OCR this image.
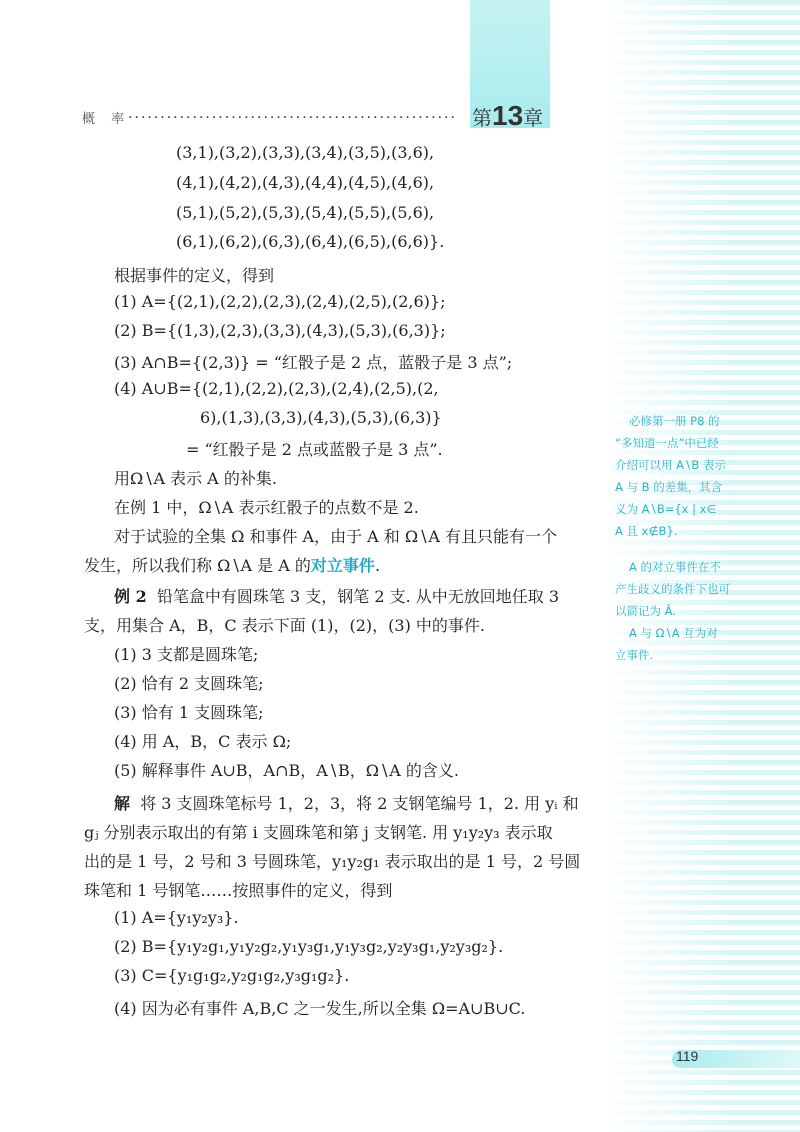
概 率
................................................... 第13章
(3,1),(3,2),(3,3),(3,4),(3,5),(3,6),
(4,1),(4,2),(4,3),(4,4),(4,5),(4,6),
(5,1),(5,2),(5,3),(5,4),(5,5),(5,6),
(6,1),(6,2),(6,3),(6,4),(6,5),(6,6)}.
根据事件的定义，得到
(1) A={(2,1),(2,2),(2,3),(2,4),(2,5),(2,6)};
(2) B={(1,3),(2,3),(3,3),(4,3),(5,3),(6,3)};
(3) A∩B={(2,3)} = “红骰子是 2 点，蓝骰子是 3 点”;
(4) A∪B={(2,1),(2,2),(2,3),(2,4),(2,5),(2,
6),(1,3),(3,3),(4,3),(5,3),(6,3)}
= “红骰子是 2 点或蓝骰子是 3 点”.
用Ω∖A 表示 A 的补集.
在例 1 中，Ω∖A 表示红骰子的点数不是 2.
对于试验的全集 Ω 和事件 A，由于 A 和 Ω∖A 有且只能有一个
发生，所以我们称 Ω∖A 是 A 的对立事件.
例 2 铅笔盒中有圆珠笔 3 支，钢笔 2 支. 从中无放回地任取 3
支，用集合 A，B，C 表示下面 (1)，(2)，(3) 中的事件.
(1) 3 支都是圆珠笔;
(2) 恰有 2 支圆珠笔;
(3) 恰有 1 支圆珠笔;
(4) 用 A，B，C 表示 Ω;
(5) 解释事件 A∪B，A∩B，A∖B，Ω∖A 的含义.
解 将 3 支圆珠笔标号 1，2，3，将 2 支钢笔编号 1，2. 用 yᵢ 和
gⱼ 分别表示取出的有第 i 支圆珠笔和第 j 支钢笔. 用 y₁y₂y₃ 表示取
出的是 1 号，2 号和 3 号圆珠笔，y₁y₂g₁ 表示取出的是 1 号，2 号圆
珠笔和 1 号钢笔……按照事件的定义，得到
(1) A={y₁y₂y₃}.
(2) B={y₁y₂g₁,y₁y₂g₂,y₁y₃g₁,y₁y₃g₂,y₂y₃g₁,y₂y₃g₂}.
(3) C={y₁g₁g₂,y₂g₁g₂,y₃g₁g₂}.
(4) 因为必有事件 A,B,C 之一发生,所以全集 Ω=A∪B∪C.
必修第一册 P8 的
“多知道一点”中已经
介绍可以用 A∖B 表示
A 与 B 的差集，其含
义为 A∖B={x | x∈
A 且 x∉B}.
A 的对立事件在不
产生歧义的条件下也可
以简记为 Ā.
A 与 Ω∖A 互为对
立事件.
119
